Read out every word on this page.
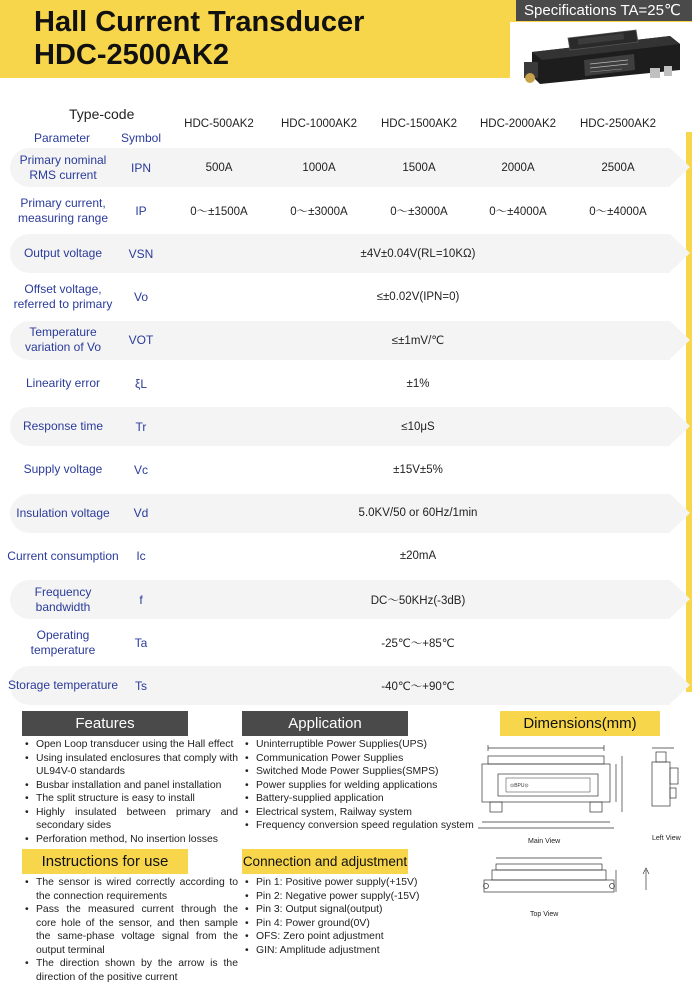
Hall Current Transducer
HDC-2500AK2
Specifications TA=25℃
Type-code
Parameter	Symbol
HDC-500AK2	HDC-1000AK2	HDC-1500AK2	HDC-2000AK2	HDC-2500AK2
Primary nominal RMS current	IPN	500A	1000A	1500A	2000A	2500A
Primary current, measuring range	IP	0～±1500A	0～±3000A	0～±3000A	0～±4000A	0～±4000A
Output voltage	VSN	±4V±0.04V(RL=10KΩ)
Offset voltage, referred to primary	Vo	≤±0.02V(IPN=0)
Temperature variation of Vo	VOT	≤±1mV/℃
Linearity error	ξL	±1%
Response time	Tr	≤10μS
Supply voltage	Vc	±15V±5%
Insulation voltage	Vd	5.0KV/50 or 60Hz/1min
Current consumption	Ic	±20mA
Frequency bandwidth	f	DC～50KHz(-3dB)
Operating temperature	Ta	-25℃～+85℃
Storage temperature	Ts	-40℃～+90℃
Features
• Open Loop transducer using the Hall effect
• Using insulated enclosures that comply with UL94V-0 standards
• Busbar installation and panel installation
• The split structure is easy to install
• Highly insulated between primary and secondary sides
• Perforation method, No insertion losses
Application
• Uninterruptible Power Supplies(UPS)
• Communication Power Supplies
• Switched Mode Power Supplies(SMPS)
• Power supplies for welding applications
• Battery-supplied application
• Electrical system, Railway system
• Frequency conversion speed regulation system
Dimensions(mm)
⊙BPU⊙
Main View	Left View
Top View
Instructions for use
• The sensor is wired correctly according to the connection requirements
• Pass the measured current through the core hole of the sensor, and then sample the same-phase voltage signal from the output terminal
• The direction shown by the arrow is the direction of the positive current
Connection and adjustment
• Pin 1: Positive power supply(+15V)
• Pin 2: Negative power supply(-15V)
• Pin 3: Output signal(output)
• Pin 4: Power ground(0V)
• OFS: Zero point adjustment
• GIN: Amplitude adjustment
